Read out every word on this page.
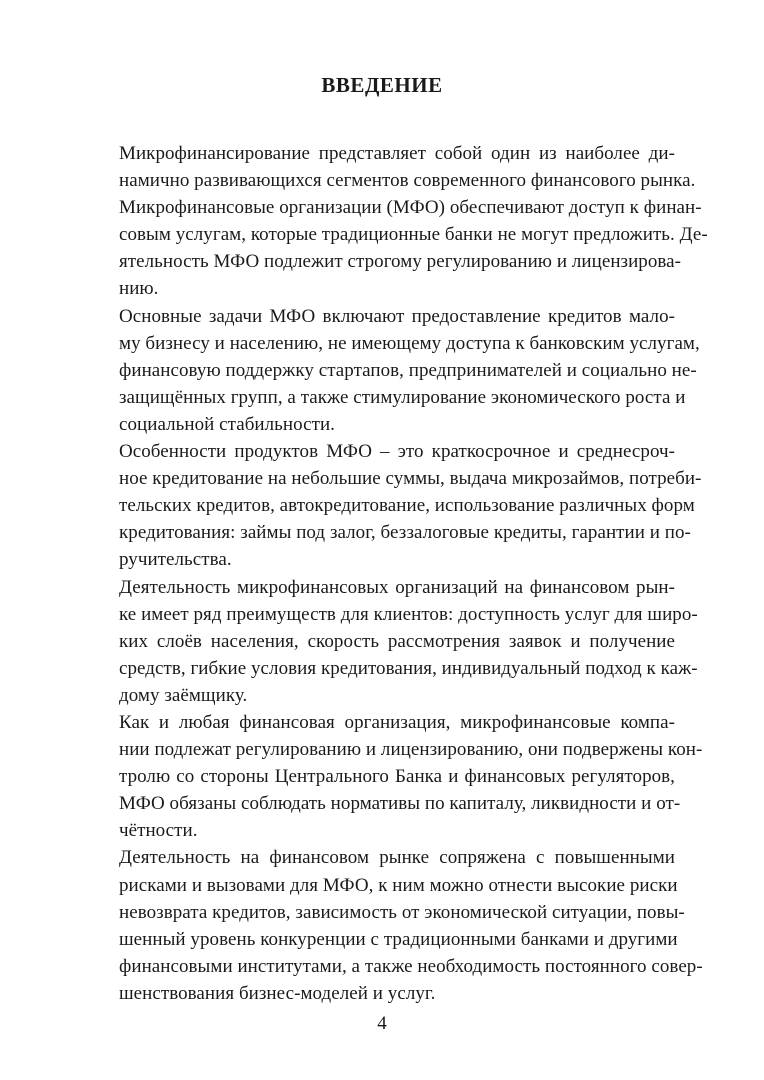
ВВЕДЕНИЕ

Микрофинансирование представляет собой один из наиболее ди-
намично развивающихся сегментов современного финансового рынка.
Микрофинансовые организации (МФО) обеспечивают доступ к финан-
совым услугам, которые традиционные банки не могут предложить. Де-
ятельность МФО подлежит строгому регулированию и лицензирова-
нию.

Основные задачи МФО включают предоставление кредитов мало-
му бизнесу и населению, не имеющему доступа к банковским услугам,
финансовую поддержку стартапов, предпринимателей и социально не-
защищённых групп, а также стимулирование экономического роста и
социальной стабильности.

Особенности продуктов МФО – это краткосрочное и среднесроч-
ное кредитование на небольшие суммы, выдача микрозаймов, потреби-
тельских кредитов, автокредитование, использование различных форм
кредитования: займы под залог, беззалоговые кредиты, гарантии и по-
ручительства.

Деятельность микрофинансовых организаций на финансовом рын-
ке имеет ряд преимуществ для клиентов: доступность услуг для широ-
ких слоёв населения, скорость рассмотрения заявок и получение
средств, гибкие условия кредитования, индивидуальный подход к каж-
дому заёмщику.

Как и любая финансовая организация, микрофинансовые компа-
нии подлежат регулированию и лицензированию, они подвержены кон-
тролю со стороны Центрального Банка и финансовых регуляторов,
МФО обязаны соблюдать нормативы по капиталу, ликвидности и от-
чётности.

Деятельность на финансовом рынке сопряжена с повышенными
рисками и вызовами для МФО, к ним можно отнести высокие риски
невозврата кредитов, зависимость от экономической ситуации, повы-
шенный уровень конкуренции с традиционными банками и другими
финансовыми институтами, а также необходимость постоянного совер-
шенствования бизнес-моделей и услуг.

4
